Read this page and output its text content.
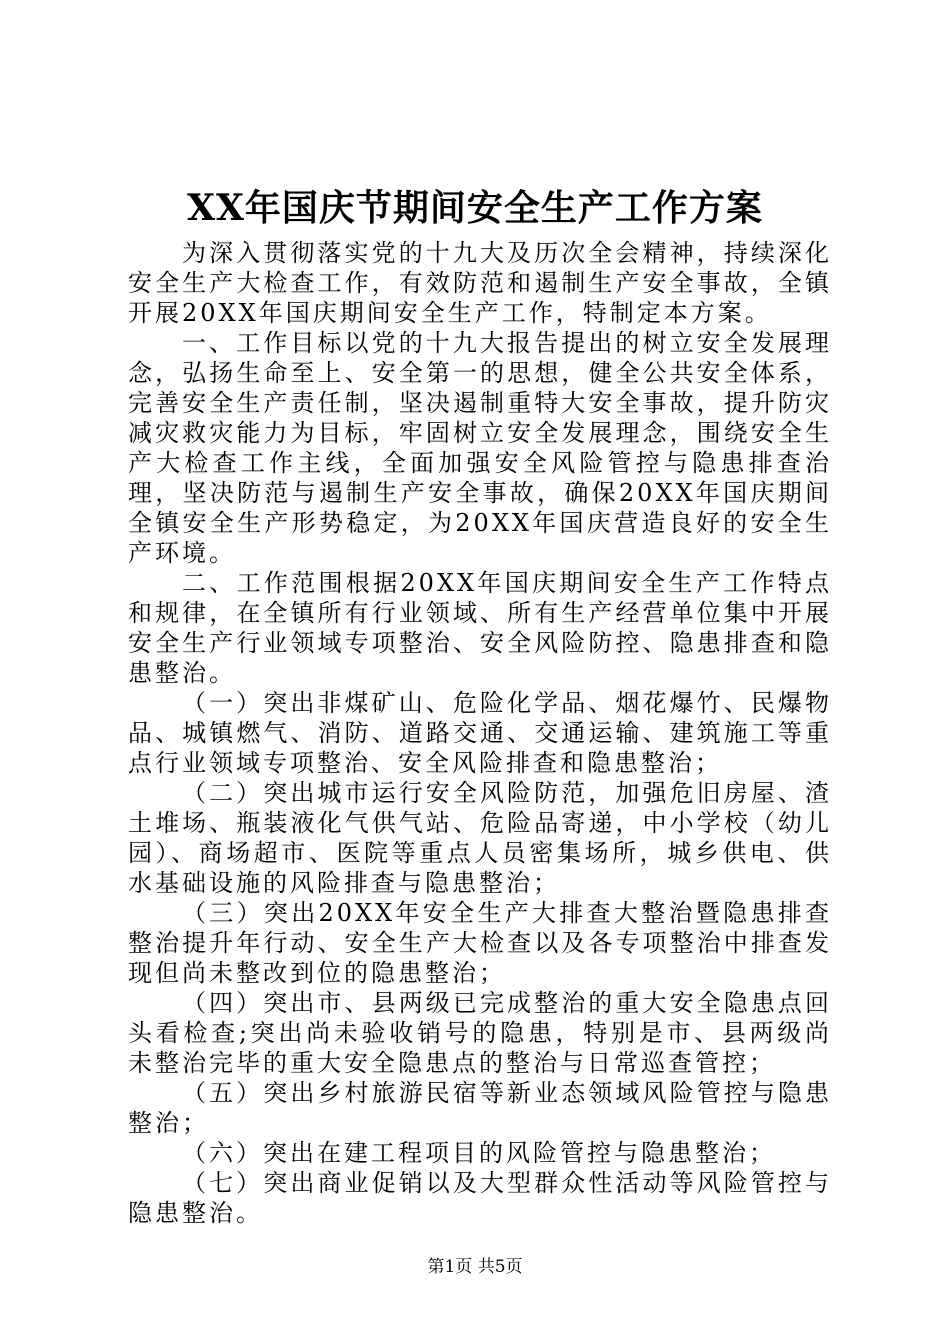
XX年国庆节期间安全生产工作方案

为深入贯彻落实党的十九大及历次全会精神，持续深化安全生产大检查工作，有效防范和遏制生产安全事故，全镇开展20XX年国庆期间安全生产工作，特制定本方案。

一、工作目标以党的十九大报告提出的树立安全发展理念，弘扬生命至上、安全第一的思想，健全公共安全体系，完善安全生产责任制，坚决遏制重特大安全事故，提升防灾减灾救灾能力为目标，牢固树立安全发展理念，围绕安全生产大检查工作主线，全面加强安全风险管控与隐患排查治理，坚决防范与遏制生产安全事故，确保20XX年国庆期间全镇安全生产形势稳定，为20XX年国庆营造良好的安全生产环境。

二、工作范围根据20XX年国庆期间安全生产工作特点和规律，在全镇所有行业领域、所有生产经营单位集中开展安全生产行业领域专项整治、安全风险防控、隐患排查和隐患整治。

（一）突出非煤矿山、危险化学品、烟花爆竹、民爆物品、城镇燃气、消防、道路交通、交通运输、建筑施工等重点行业领域专项整治、安全风险排查和隐患整治；

（二）突出城市运行安全风险防范，加强危旧房屋、渣土堆场、瓶装液化气供气站、危险品寄递，中小学校（幼儿园）、商场超市、医院等重点人员密集场所，城乡供电、供水基础设施的风险排查与隐患整治；

（三）突出20XX年安全生产大排查大整治暨隐患排查整治提升年行动、安全生产大检查以及各专项整治中排查发现但尚未整改到位的隐患整治；

（四）突出市、县两级已完成整治的重大安全隐患点回头看检查;突出尚未验收销号的隐患，特别是市、县两级尚未整治完毕的重大安全隐患点的整治与日常巡查管控；

（五）突出乡村旅游民宿等新业态领域风险管控与隐患整治；

（六）突出在建工程项目的风险管控与隐患整治；

（七）突出商业促销以及大型群众性活动等风险管控与隐患整治。

第1页 共5页
